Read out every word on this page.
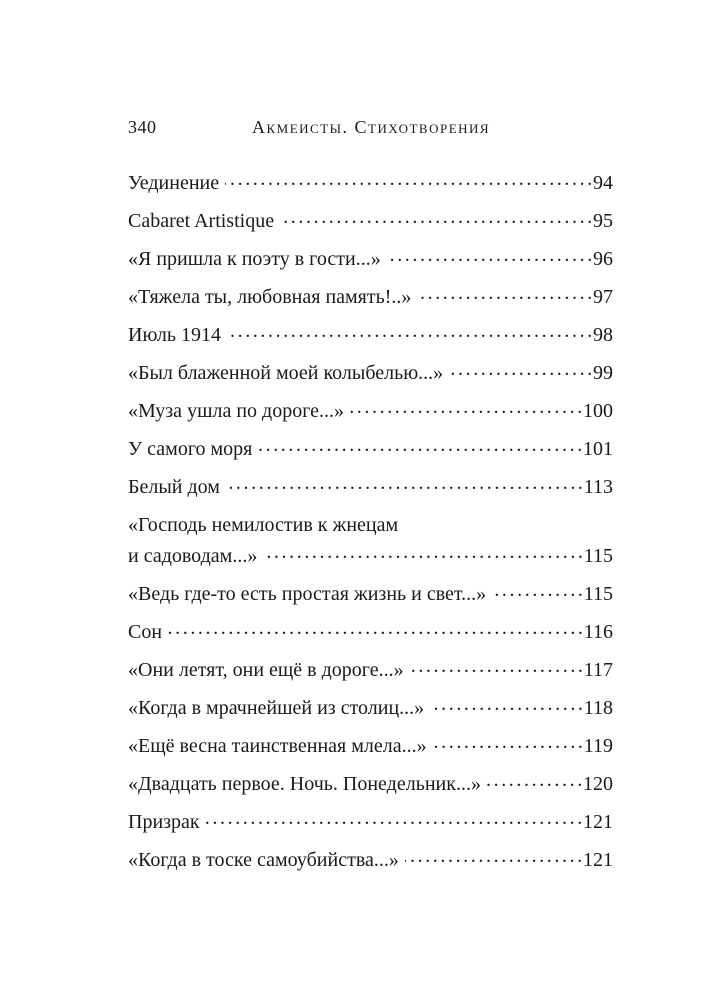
340	Акмеисты. Стихотворения
Уединение . . .	94
Cabaret Artistique . . .	95
«Я пришла к поэту в гости...» . . .	96
«Тяжела ты, любовная память!..» . . .	97
Июль 1914 . . .	98
«Был блаженной моей колыбелью...» . . .	99
«Муза ушла по дороге...» . . .	100
У самого моря . . .	101
Белый дом . . .	113
«Господь немилостив к жнецам
и садоводам...» . . .	115
«Ведь где-то есть простая жизнь и свет...» . . .	115
Сон . . .	116
«Они летят, они ещё в дороге...» . . .	117
«Когда в мрачнейшей из столиц...» . . .	118
«Ещё весна таинственная млела...» . . .	119
«Двадцать первое. Ночь. Понедельник...» . . .	120
Призрак . . .	121
«Когда в тоске самоубийства...» . . .	121
